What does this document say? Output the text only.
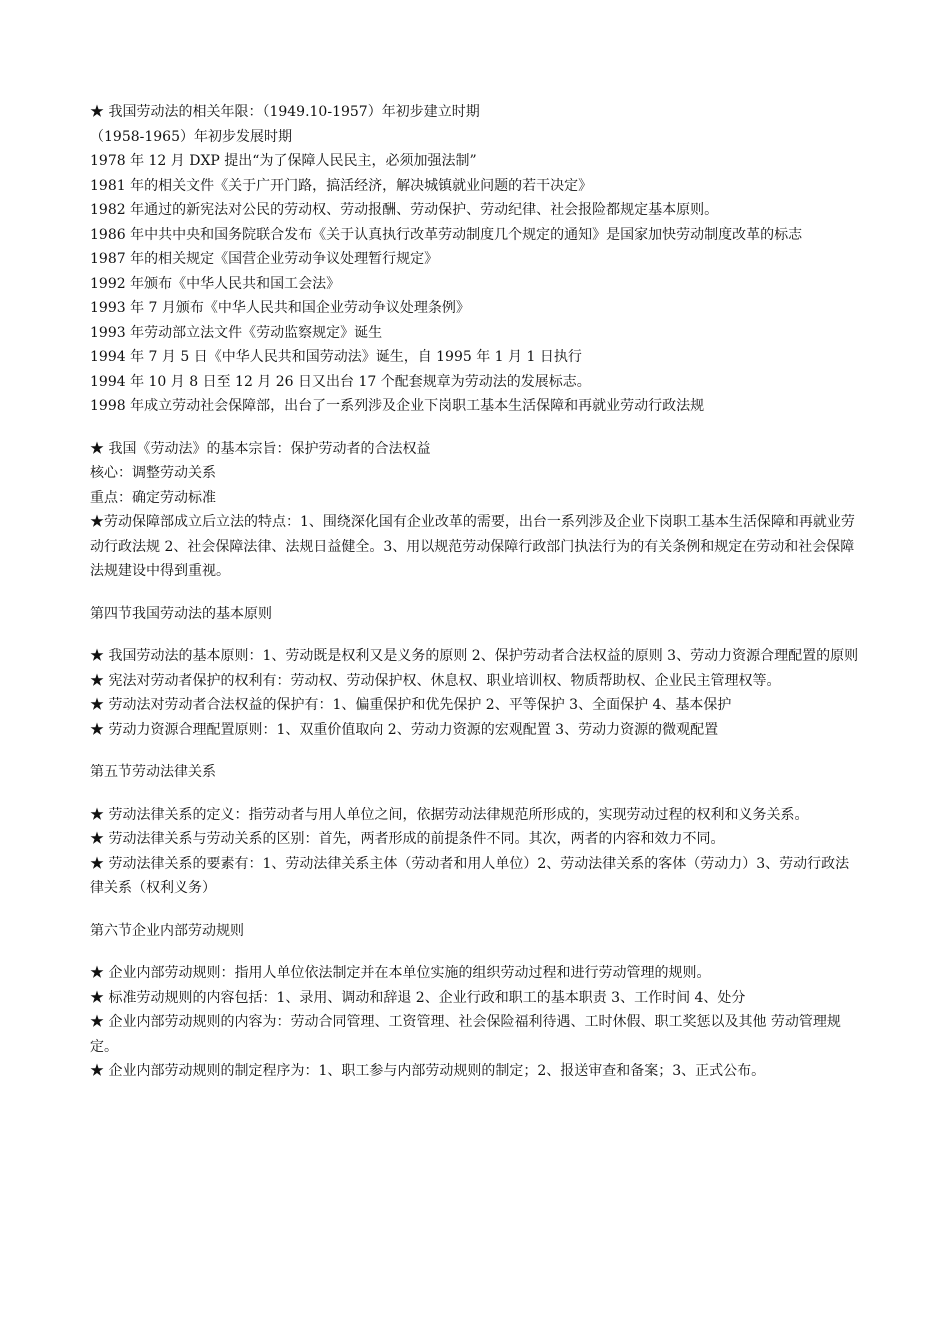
★ 我国劳动法的相关年限：（1949.10-1957）年初步建立时期
（1958-1965）年初步发展时期
1978 年 12 月 DXP 提出“为了保障人民民主，必须加强法制”
1981 年的相关文件《关于广开门路，搞活经济，解决城镇就业问题的若干决定》
1982 年通过的新宪法对公民的劳动权、劳动报酬、劳动保护、劳动纪律、社会报险都规定基本原则。
1986 年中共中央和国务院联合发布《关于认真执行改革劳动制度几个规定的通知》是国家加快劳动制度改革的标志
1987 年的相关规定《国营企业劳动争议处理暂行规定》
1992 年颁布《中华人民共和国工会法》
1993 年 7 月颁布《中华人民共和国企业劳动争议处理条例》
1993 年劳动部立法文件《劳动监察规定》诞生
1994 年 7 月 5 日《中华人民共和国劳动法》诞生，自 1995 年 1 月 1 日执行
1994 年 10 月 8 日至 12 月 26 日又出台 17 个配套规章为劳动法的发展标志。
1998 年成立劳动社会保障部，出台了一系列涉及企业下岗职工基本生活保障和再就业劳动行政法规
★ 我国《劳动法》的基本宗旨：保护劳动者的合法权益
核心：调整劳动关系
重点：确定劳动标准
★劳动保障部成立后立法的特点：1、围绕深化国有企业改革的需要，出台一系列涉及企业下岗职工基本生活保障和再就业劳动行政法规 2、社会保障法律、法规日益健全。3、用以规范劳动保障行政部门执法行为的有关条例和规定在劳动和社会保障法规建设中得到重视。
第四节我国劳动法的基本原则
★ 我国劳动法的基本原则：1、劳动既是权利又是义务的原则 2、保护劳动者合法权益的原则 3、劳动力资源合理配置的原则
★ 宪法对劳动者保护的权利有：劳动权、劳动保护权、休息权、职业培训权、物质帮助权、企业民主管理权等。
★ 劳动法对劳动者合法权益的保护有：1、偏重保护和优先保护 2、平等保护 3、全面保护 4、基本保护
★ 劳动力资源合理配置原则：1、双重价值取向 2、劳动力资源的宏观配置 3、劳动力资源的微观配置
第五节劳动法律关系
★ 劳动法律关系的定义：指劳动者与用人单位之间，依据劳动法律规范所形成的，实现劳动过程的权利和义务关系。
★ 劳动法律关系与劳动关系的区别：首先，两者形成的前提条件不同。其次，两者的内容和效力不同。
★ 劳动法律关系的要素有：1、劳动法律关系主体（劳动者和用人单位）2、劳动法律关系的客体（劳动力）3、劳动行政法律关系（权利义务）
第六节企业内部劳动规则
★ 企业内部劳动规则：指用人单位依法制定并在本单位实施的组织劳动过程和进行劳动管理的规则。
★ 标准劳动规则的内容包括：1、录用、调动和辞退 2、企业行政和职工的基本职责 3、工作时间 4、处分
★ 企业内部劳动规则的内容为：劳动合同管理、工资管理、社会保险福利待遇、工时休假、职工奖惩以及其他 劳动管理规定。
★ 企业内部劳动规则的制定程序为：1、职工参与内部劳动规则的制定；2、报送审查和备案；3、正式公布。
